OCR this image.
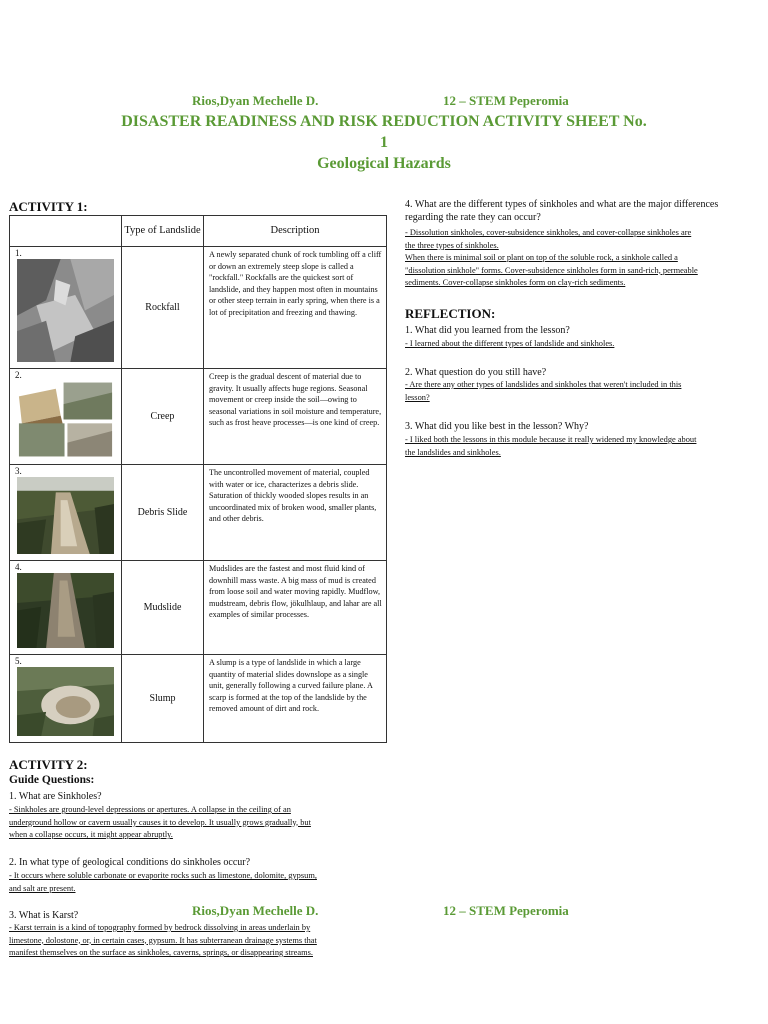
Rios,Dyan Mechelle D.	12 – STEM Peperomia
DISASTER READINESS AND RISK REDUCTION ACTIVITY SHEET No.
1
Geological Hazards
ACTIVITY 1:
	Type of Landslide	Description

1.	Rockfall	A newly separated chunk of rock tumbling off a cliff or down an extremely steep slope is called a "rockfall." Rockfalls are the quickest sort of landslide, and they happen most often in mountains or other steep terrain in early spring, when there is a lot of precipitation and freezing and thawing.

2.	Creep	Creep is the gradual descent of material due to gravity. It usually affects huge regions. Seasonal movement or creep inside the soil—owing to seasonal variations in soil moisture and temperature, such as frost heave processes—is one kind of creep.

3.	Debris Slide	The uncontrolled movement of material, coupled with water or ice, characterizes a debris slide. Saturation of thickly wooded slopes results in an uncoordinated mix of broken wood, smaller plants, and other debris.

4.	Mudslide	Mudslides are the fastest and most fluid kind of downhill mass waste. A big mass of mud is created from loose soil and water moving rapidly. Mudflow, mudstream, debris flow, jökulhlaup, and lahar are all examples of similar processes.

5.	Slump	A slump is a type of landslide in which a large quantity of material slides downslope as a single unit, generally following a curved failure plane. A scarp is formed at the top of the landslide by the removed amount of dirt and rock.
ACTIVITY 2:
Guide Questions:
1. What are Sinkholes?
- Sinkholes are ground-level depressions or apertures. A collapse in the ceiling of an
underground hollow or cavern usually causes it to develop. It usually grows gradually, but
when a collapse occurs, it might appear abruptly.
2. In what type of geological conditions do sinkholes occur?
- It occurs where soluble carbonate or evaporite rocks such as limestone, dolomite, gypsum,
and salt are present.
3. What is Karst?
- Karst terrain is a kind of topography formed by bedrock dissolving in areas underlain by
limestone, dolostone, or, in certain cases, gypsum. It has subterranean drainage systems that
manifest themselves on the surface as sinkholes, caverns, springs, or disappearing streams.
4. What are the different types of sinkholes and what are the major differences
regarding the rate they can occur?
- Dissolution sinkholes, cover-subsidence sinkholes, and cover-collapse sinkholes are
the three types of sinkholes.
When there is minimal soil or plant on top of the soluble rock, a sinkhole called a
"dissolution sinkhole" forms. Cover-subsidence sinkholes form in sand-rich, permeable
sediments. Cover-collapse sinkholes form on clay-rich sediments.
REFLECTION:
1. What did you learned from the lesson?
- I learned about the different types of landslide and sinkholes.
2. What question do you still have?
- Are there any other types of landslides and sinkholes that weren't included in this
lesson?
3. What did you like best in the lesson? Why?
- I liked both the lessons in this module because it really widened my knowledge about
the landslides and sinkholes.
Rios,Dyan Mechelle D.	12 – STEM Peperomia
